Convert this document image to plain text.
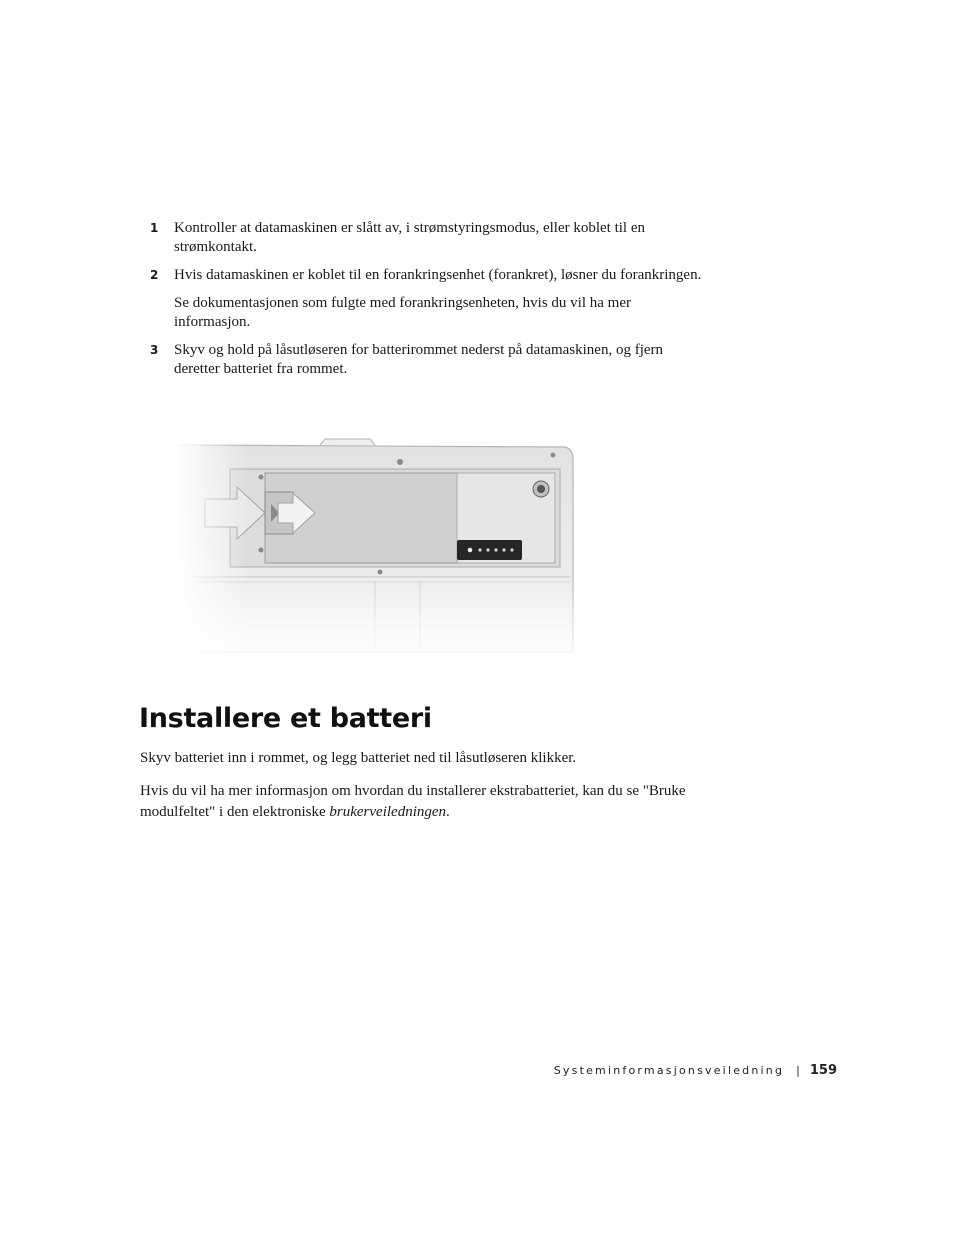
1 Kontroller at datamaskinen er slått av, i strømstyringsmodus, eller koblet til en strømkontakt.

2 Hvis datamaskinen er koblet til en forankringsenhet (forankret), løsner du forankringen.

Se dokumentasjonen som fulgte med forankringsenheten, hvis du vil ha mer informasjon.

3 Skyv og hold på låsutløseren for batterirommet nederst på datamaskinen, og fjern deretter batteriet fra rommet.

Installere et batteri

Skyv batteriet inn i rommet, og legg batteriet ned til låsutløseren klikker.

Hvis du vil ha mer informasjon om hvordan du installerer ekstrabatteriet, kan du se "Bruke modulfeltet" i den elektroniske brukerveiledningen.

Systeminformasjonsveiledning | 159
